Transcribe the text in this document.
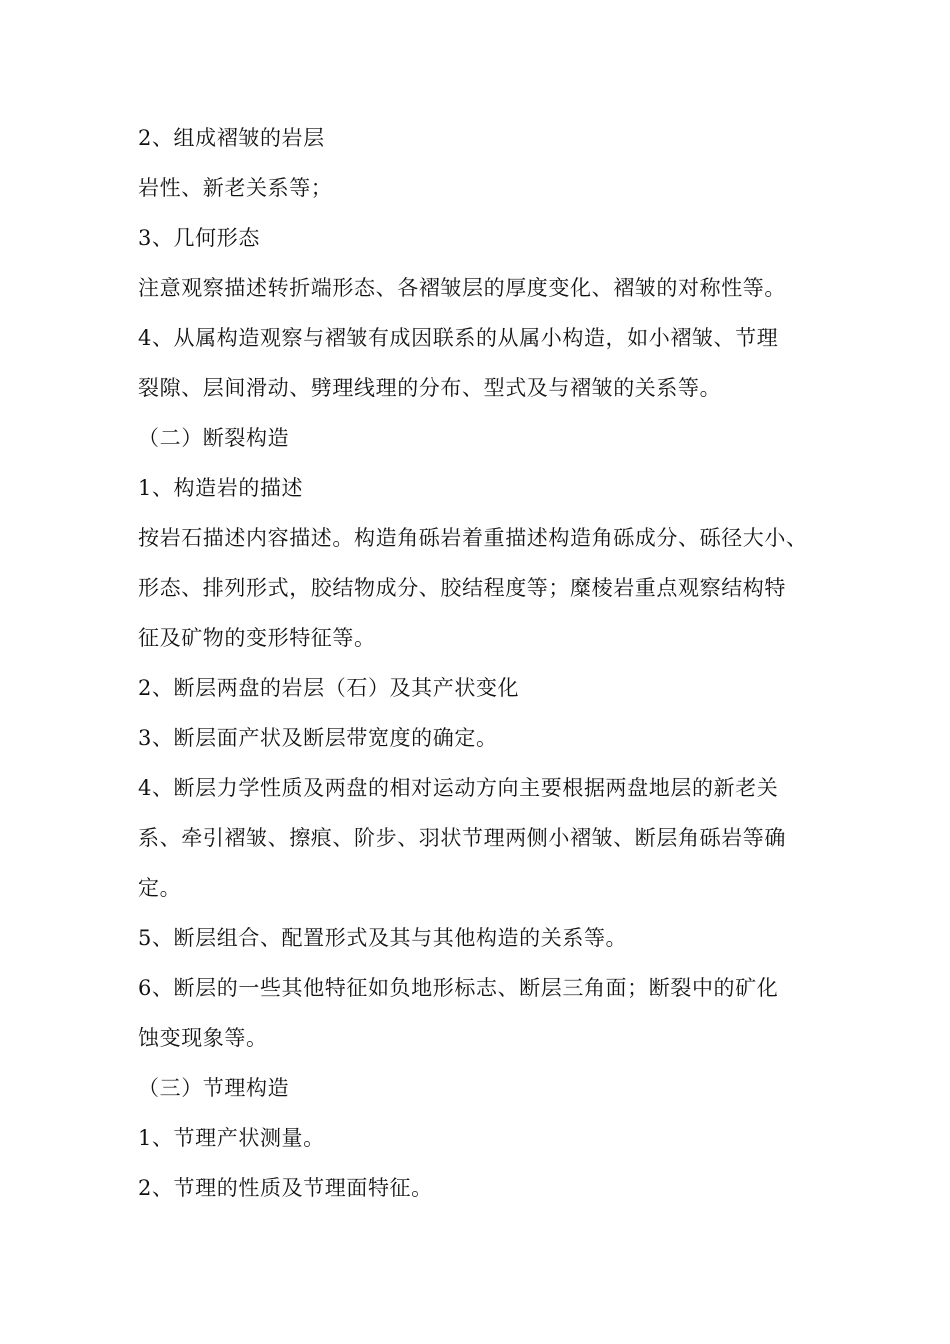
2、组成褶皱的岩层
岩性、新老关系等；
3、几何形态
注意观察描述转折端形态、各褶皱层的厚度变化、褶皱的对称性等。
4、从属构造观察与褶皱有成因联系的从属小构造，如小褶皱、节理
裂隙、层间滑动、劈理线理的分布、型式及与褶皱的关系等。
（二）断裂构造
1、构造岩的描述
按岩石描述内容描述。构造角砾岩着重描述构造角砾成分、砾径大小、
形态、排列形式，胶结物成分、胶结程度等；糜棱岩重点观察结构特
征及矿物的变形特征等。
2、断层两盘的岩层（石）及其产状变化
3、断层面产状及断层带宽度的确定。
4、断层力学性质及两盘的相对运动方向主要根据两盘地层的新老关
系、牵引褶皱、擦痕、阶步、羽状节理两侧小褶皱、断层角砾岩等确
定。
5、断层组合、配置形式及其与其他构造的关系等。
6、断层的一些其他特征如负地形标志、断层三角面；断裂中的矿化
蚀变现象等。
（三）节理构造
1、节理产状测量。
2、节理的性质及节理面特征。
